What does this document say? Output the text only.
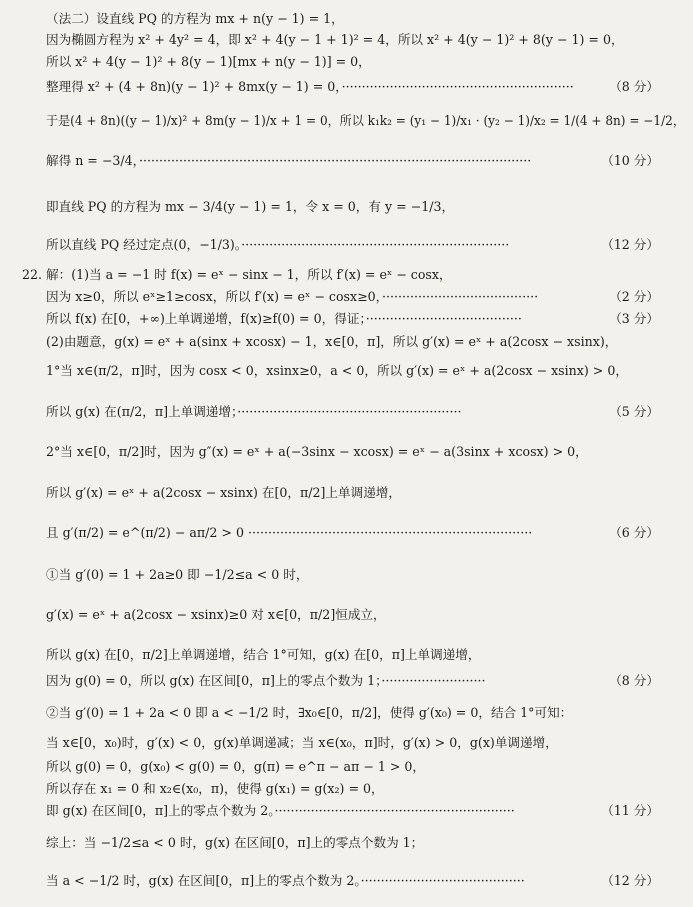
（法二）设直线 PQ 的方程为 mx + n(y − 1) = 1，
因为椭圆方程为 x² + 4y² = 4，即 x² + 4(y − 1 + 1)² = 4，所以 x² + 4(y − 1)² + 8(y − 1) = 0，
所以 x² + 4(y − 1)² + 8(y − 1)[mx + n(y − 1)] = 0，
整理得 x² + (4 + 8n)(y − 1)² + 8mx(y − 1) = 0，··························································	（8 分）
于是(4 + 8n)((y − 1)/x)² + 8m(y − 1)/x + 1 = 0，所以 k₁k₂ = (y₁ − 1)/x₁ · (y₂ − 1)/x₂ = 1/(4 + 8n) = −1/2，
解得 n = −3/4，··································································································	（10 分）
即直线 PQ 的方程为 mx − 3/4(y − 1) = 1，令 x = 0，有 y = −1/3，
所以直线 PQ 经过定点(0，−1/3)。···································································	（12 分）
22. 解：(1)当 a = −1 时 f(x) = eˣ − sinx − 1，所以 f′(x) = eˣ − cosx，
因为 x≥0，所以 eˣ≥1≥cosx，所以 f′(x) = eˣ − cosx≥0，·······································	（2 分）
所以 f(x) 在[0，+∞)上单调递增，f(x)≥f(0) = 0，得证；·······································	（3 分）
(2)由题意，g(x) = eˣ + a(sinx + xcosx) − 1，x∈[0，π]，所以 g′(x) = eˣ + a(2cosx − xsinx)，
1°当 x∈(π/2，π]时，因为 cosx < 0，xsinx≥0，a < 0，所以 g′(x) = eˣ + a(2cosx − xsinx) > 0，
所以 g(x) 在(π/2，π]上单调递增；························································	（5 分）
2°当 x∈[0，π/2]时，因为 g″(x) = eˣ + a(−3sinx − xcosx) = eˣ − a(3sinx + xcosx) > 0，
所以 g′(x) = eˣ + a(2cosx − xsinx) 在[0，π/2]上单调递增，
且 g′(π/2) = e^(π/2) − aπ/2 > 0 ·······································································	（6 分）
①当 g′(0) = 1 + 2a≥0 即 −1/2≤a < 0 时，
g′(x) = eˣ + a(2cosx − xsinx)≥0 对 x∈[0，π/2]恒成立，
所以 g(x) 在[0，π/2]上单调递增，结合 1°可知，g(x) 在[0，π]上单调递增，
因为 g(0) = 0，所以 g(x) 在区间[0，π]上的零点个数为 1；··························	（8 分）
②当 g′(0) = 1 + 2a < 0 即 a < −1/2 时，∃x₀∈[0，π/2]，使得 g′(x₀) = 0，结合 1°可知：
当 x∈[0，x₀)时，g′(x) < 0，g(x)单调递减；当 x∈(x₀，π]时，g′(x) > 0，g(x)单调递增，
所以 g(0) = 0，g(x₀) < g(0) = 0，g(π) = e^π − aπ − 1 > 0，
所以存在 x₁ = 0 和 x₂∈(x₀，π)，使得 g(x₁) = g(x₂) = 0，
即 g(x) 在区间[0，π]上的零点个数为 2。····························································	（11 分）
综上：当 −1/2≤a < 0 时，g(x) 在区间[0，π]上的零点个数为 1；
当 a < −1/2 时，g(x) 在区间[0，π]上的零点个数为 2。·········································	（12 分）
